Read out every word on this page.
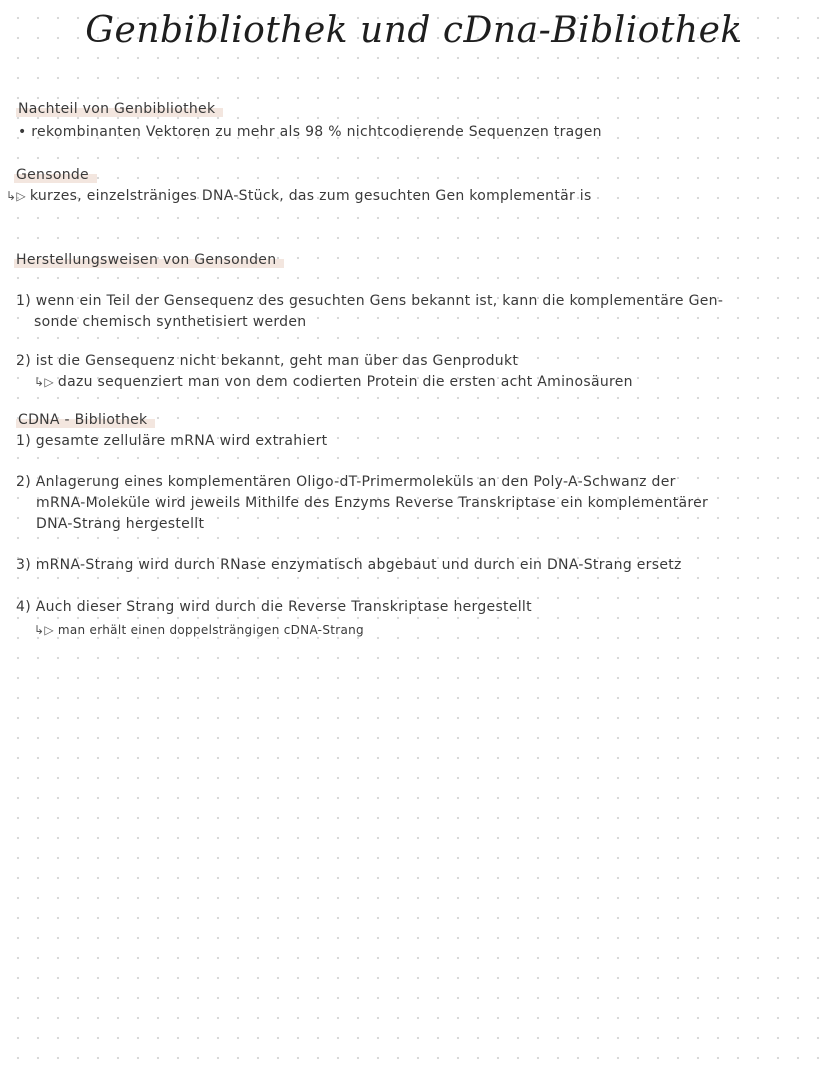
Genbibliothek und cDna-Bibliothek
Nachteil von Genbibliothek
• rekombinanten Vektoren zu mehr als 98 % nichtcodierende Sequenzen tragen
Gensonde
↳▷ kurzes, einzelsträniges DNA-Stück, das zum gesuchten Gen komplementär is
Herstellungsweisen von Gensonden
1) wenn ein Teil der Gensequenz des gesuchten Gens bekannt ist, kann die komplementäre Gen-
sonde chemisch synthetisiert werden
2) ist die Gensequenz nicht bekannt, geht man über das Genprodukt
↳▷ dazu sequenziert man von dem codierten Protein die ersten acht Aminosäuren
CDNA - Bibliothek
1) gesamte zelluläre mRNA wird extrahiert
2) Anlagerung eines komplementären Oligo-dT-Primermoleküls an den Poly-A-Schwanz der
mRNA-Moleküle wird jeweils Mithilfe des Enzyms Reverse Transkriptase ein komplementärer
DNA-Strang hergestellt
3) mRNA-Strang wird durch RNase enzymatisch abgebaut und durch ein DNA-Strang ersetz
4) Auch dieser Strang wird durch die Reverse Transkriptase hergestellt
↳▷ man erhält einen doppelsträngigen cDNA-Strang
